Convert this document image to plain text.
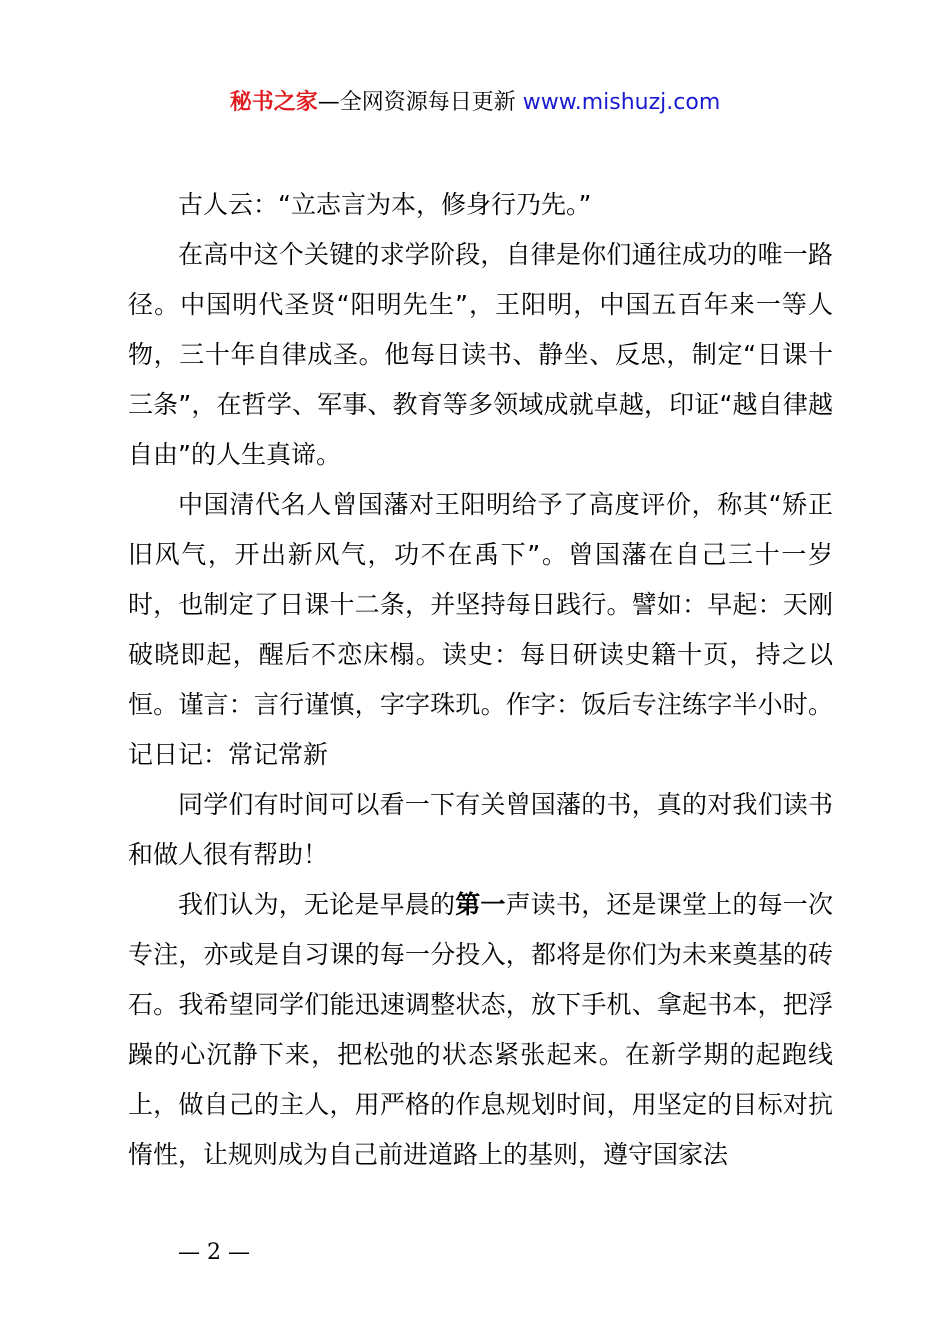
秘书之家—全网资源每日更新 www.mishuzj.com

古人云：“立志言为本，修身行乃先。”

在高中这个关键的求学阶段，自律是你们通往成功的唯一路径。中国明代圣贤“阳明先生”，王阳明，中国五百年来一等人物，三十年自律成圣。他每日读书、静坐、反思，制定“日课十三条”，在哲学、军事、教育等多领域成就卓越，印证“越自律越自由”的人生真谛。

中国清代名人曾国藩对王阳明给予了高度评价，称其“矫正旧风气，开出新风气，功不在禹下”。曾国藩在自己三十一岁时，也制定了日课十二条，并坚持每日践行。譬如：早起：天刚破晓即起，醒后不恋床榻。读史：每日研读史籍十页，持之以恒。谨言：言行谨慎，字字珠玑。作字：饭后专注练字半小时。记日记：常记常新

同学们有时间可以看一下有关曾国藩的书，真的对我们读书和做人很有帮助！

我们认为，无论是早晨的第一声读书，还是课堂上的每一次专注，亦或是自习课的每一分投入，都将是你们为未来奠基的砖石。我希望同学们能迅速调整状态，放下手机、拿起书本，把浮躁的心沉静下来，把松弛的状态紧张起来。在新学期的起跑线上，做自己的主人，用严格的作息规划时间，用坚定的目标对抗惰性，让规则成为自己前进道路上的基则，遵守国家法

— 2 —
